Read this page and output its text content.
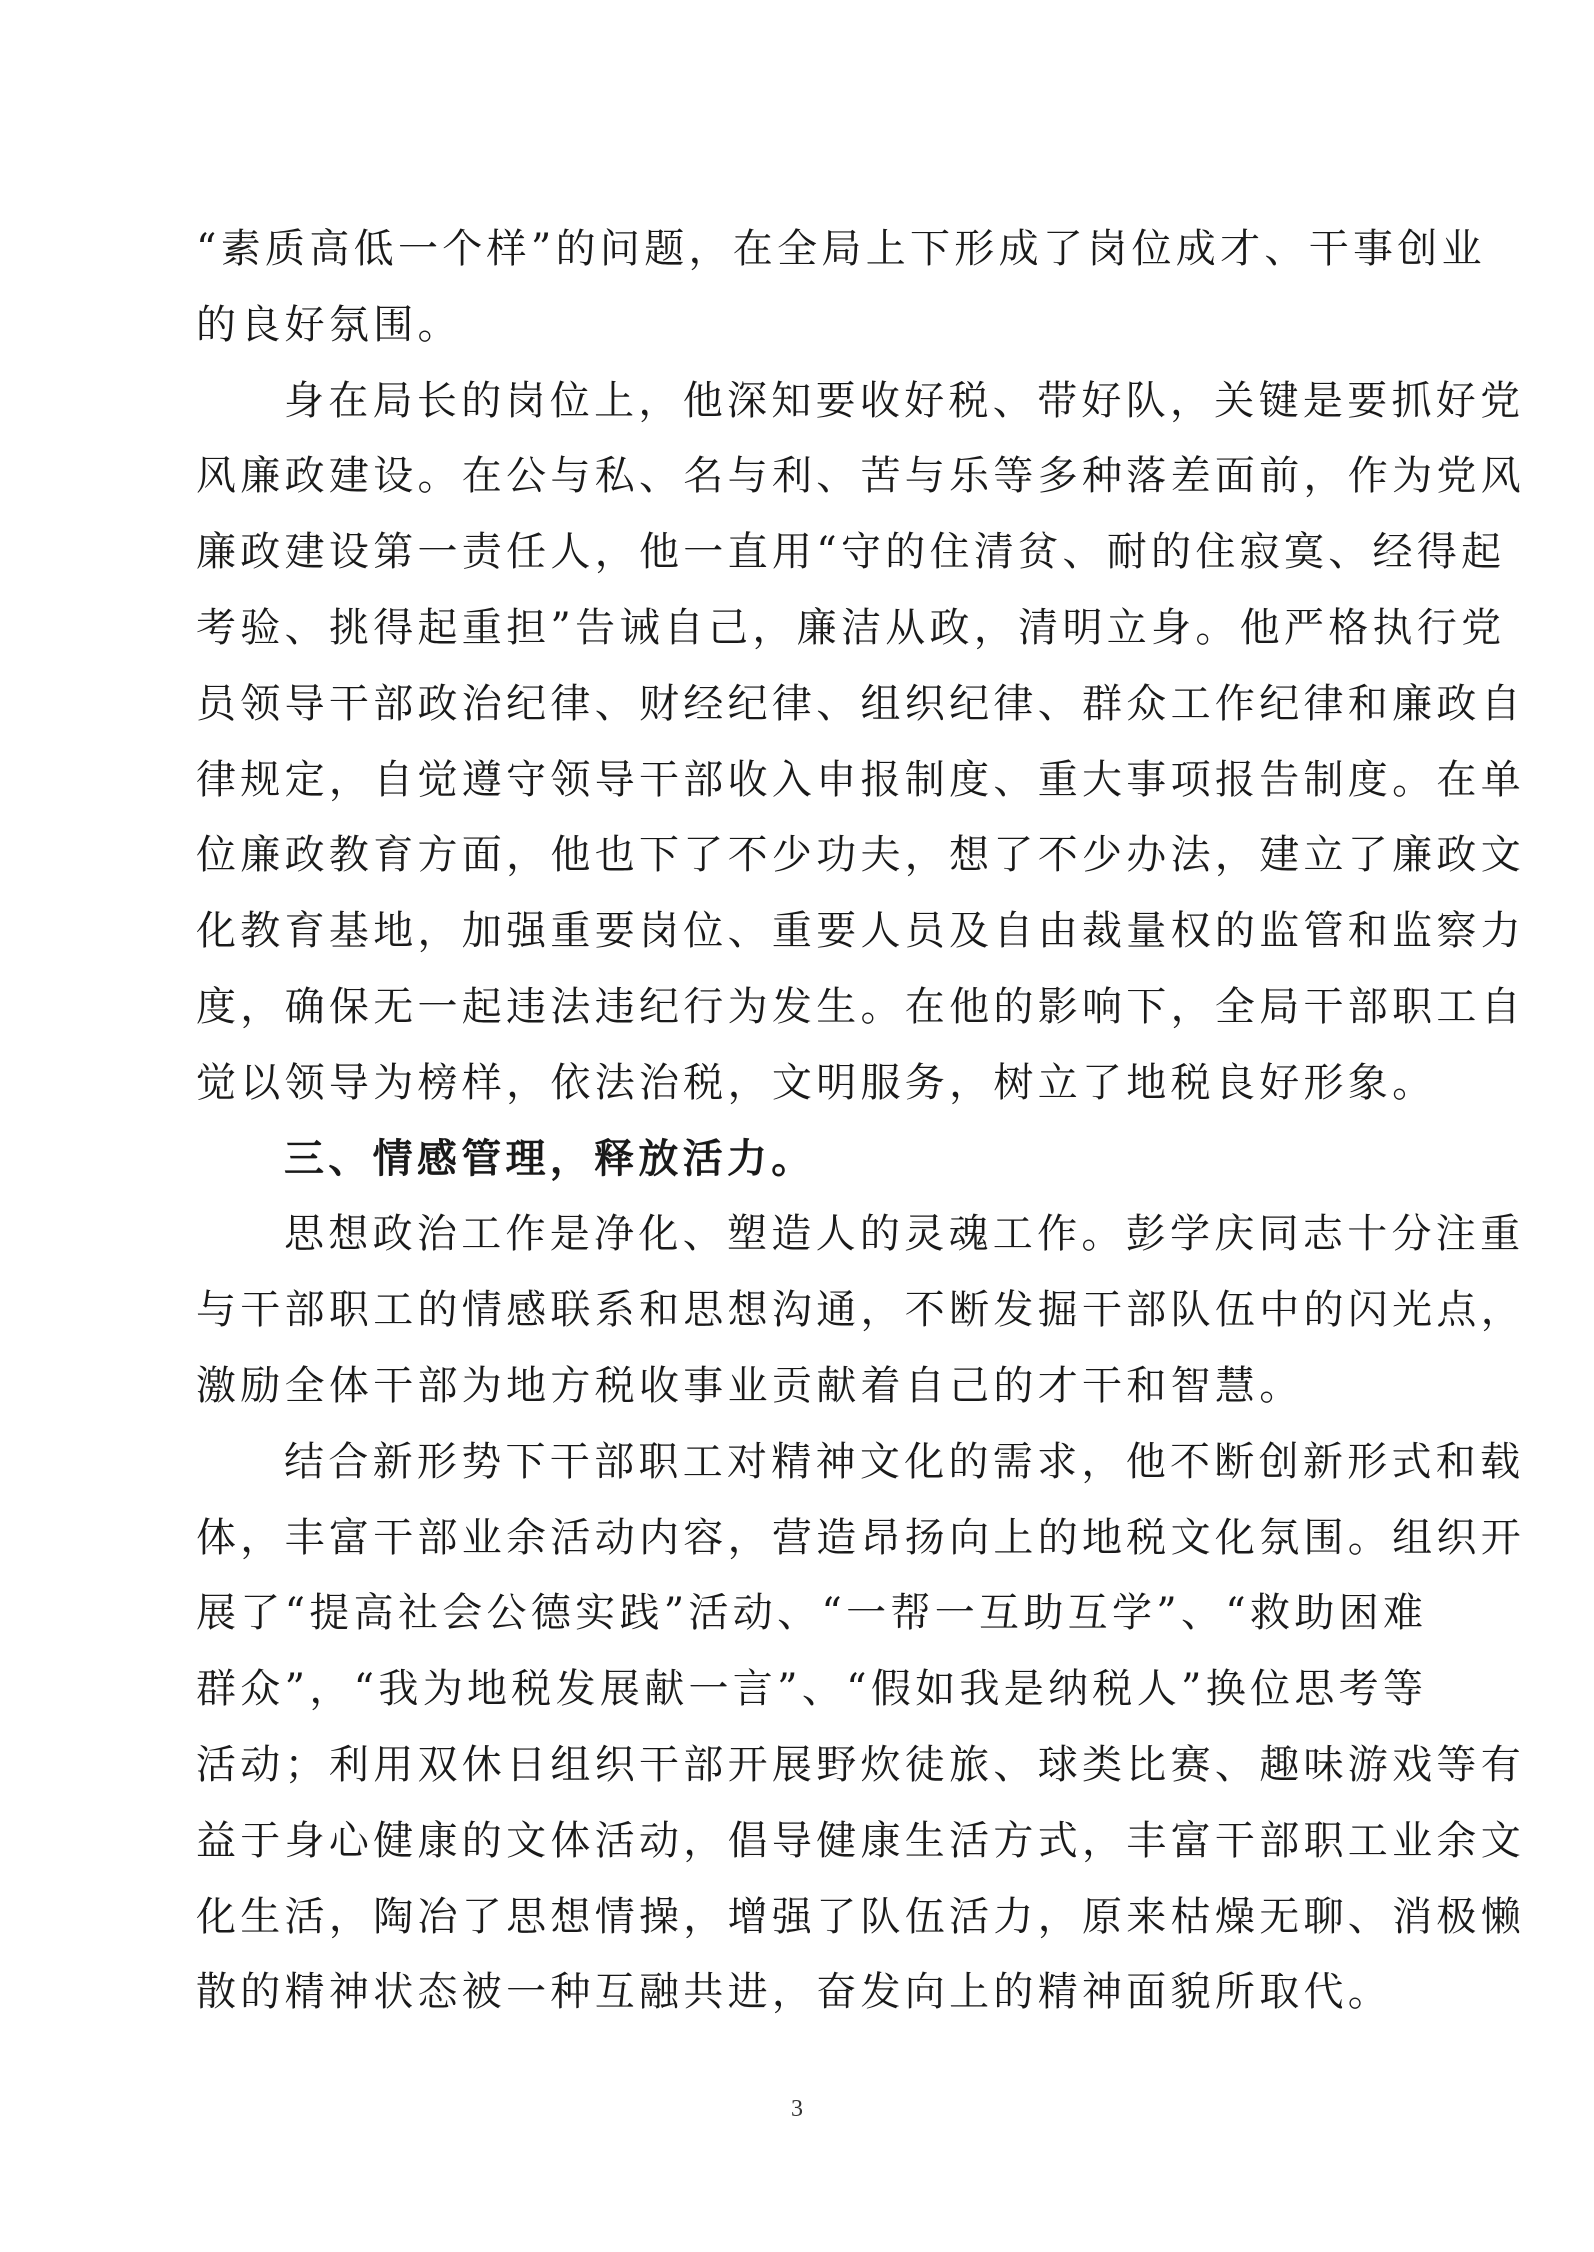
“素质高低一个样”的问题，在全局上下形成了岗位成才、干事创业
的良好氛围。
身在局长的岗位上，他深知要收好税、带好队，关键是要抓好党
风廉政建设。在公与私、名与利、苦与乐等多种落差面前，作为党风
廉政建设第一责任人，他一直用“守的住清贫、耐的住寂寞、经得起
考验、挑得起重担”告诫自己，廉洁从政，清明立身。他严格执行党
员领导干部政治纪律、财经纪律、组织纪律、群众工作纪律和廉政自
律规定，自觉遵守领导干部收入申报制度、重大事项报告制度。在单
位廉政教育方面，他也下了不少功夫，想了不少办法，建立了廉政文
化教育基地，加强重要岗位、重要人员及自由裁量权的监管和监察力
度，确保无一起违法违纪行为发生。在他的影响下，全局干部职工自
觉以领导为榜样，依法治税，文明服务，树立了地税良好形象。
三、情感管理，释放活力。
思想政治工作是净化、塑造人的灵魂工作。彭学庆同志十分注重
与干部职工的情感联系和思想沟通，不断发掘干部队伍中的闪光点，
激励全体干部为地方税收事业贡献着自己的才干和智慧。
结合新形势下干部职工对精神文化的需求，他不断创新形式和载
体，丰富干部业余活动内容，营造昂扬向上的地税文化氛围。组织开
展了“提高社会公德实践”活动、“一帮一互助互学”、“救助困难
群众”，“我为地税发展献一言”、“假如我是纳税人”换位思考等
活动；利用双休日组织干部开展野炊徒旅、球类比赛、趣味游戏等有
益于身心健康的文体活动，倡导健康生活方式，丰富干部职工业余文
化生活，陶冶了思想情操，增强了队伍活力，原来枯燥无聊、消极懒
散的精神状态被一种互融共进，奋发向上的精神面貌所取代。
3
